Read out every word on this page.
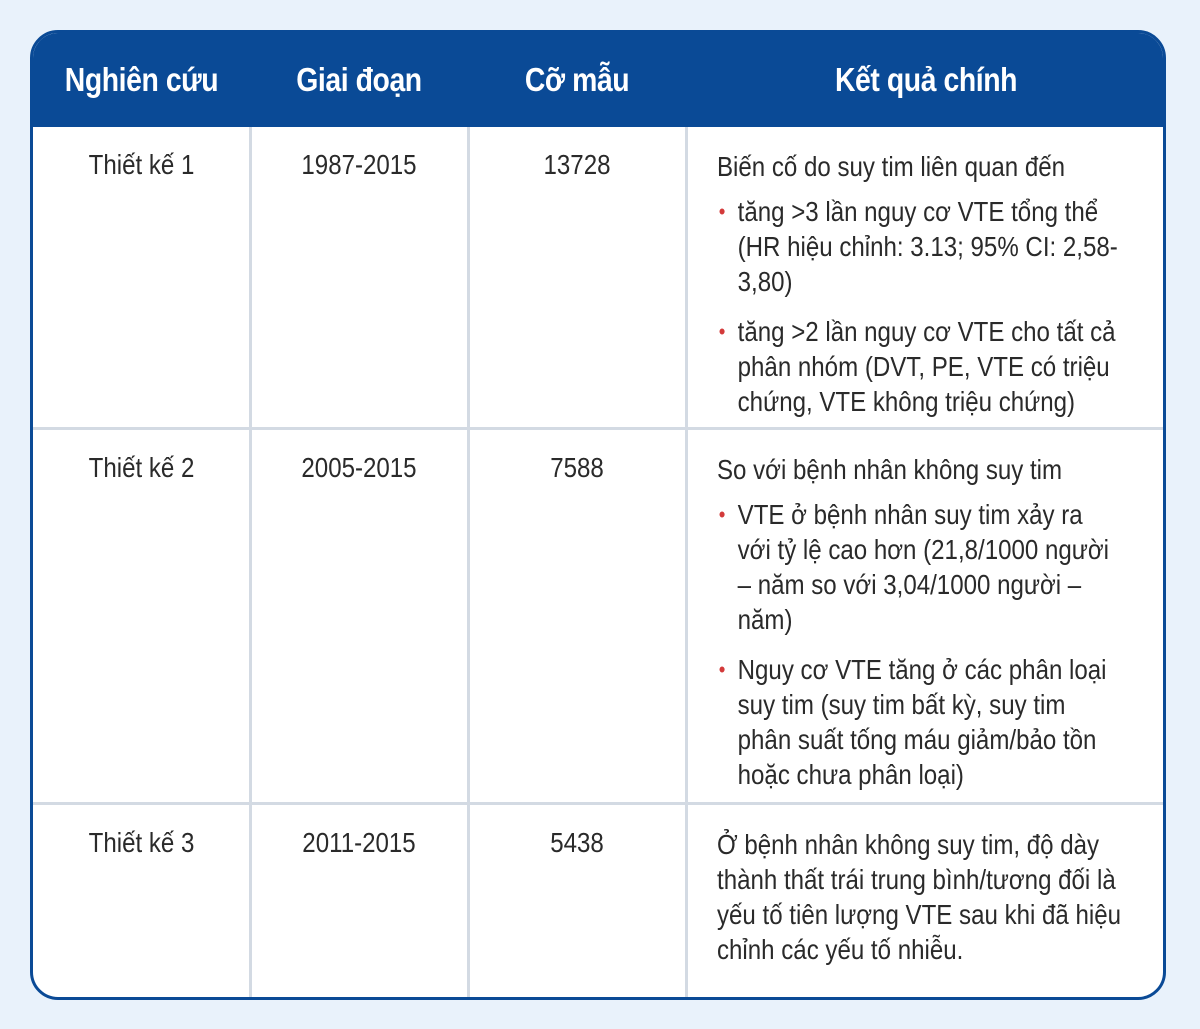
Nghiên cứu	Giai đoạn	Cỡ mẫu	Kết quả chính
Thiết kế 1	1987-2015	13728	Biến cố do suy tim liên quan đến

• tăng >3 lần nguy cơ VTE tổng thể (HR hiệu chỉnh: 3.13; 95% CI: 2,58-3,80)
• tăng >2 lần nguy cơ VTE cho tất cả phân nhóm (DVT, PE, VTE có triệu chứng, VTE không triệu chứng)
Thiết kế 2	2005-2015	7588	So với bệnh nhân không suy tim

• VTE ở bệnh nhân suy tim xảy ra với tỷ lệ cao hơn (21,8/1000 người – năm so với 3,04/1000 người – năm)
• Nguy cơ VTE tăng ở các phân loại suy tim (suy tim bất kỳ, suy tim phân suất tống máu giảm/bảo tồn hoặc chưa phân loại)
Thiết kế 3	2011-2015	5438	Ở bệnh nhân không suy tim, độ dày thành thất trái trung bình/tương đối là yếu tố tiên lượng VTE sau khi đã hiệu chỉnh các yếu tố nhiễu.
